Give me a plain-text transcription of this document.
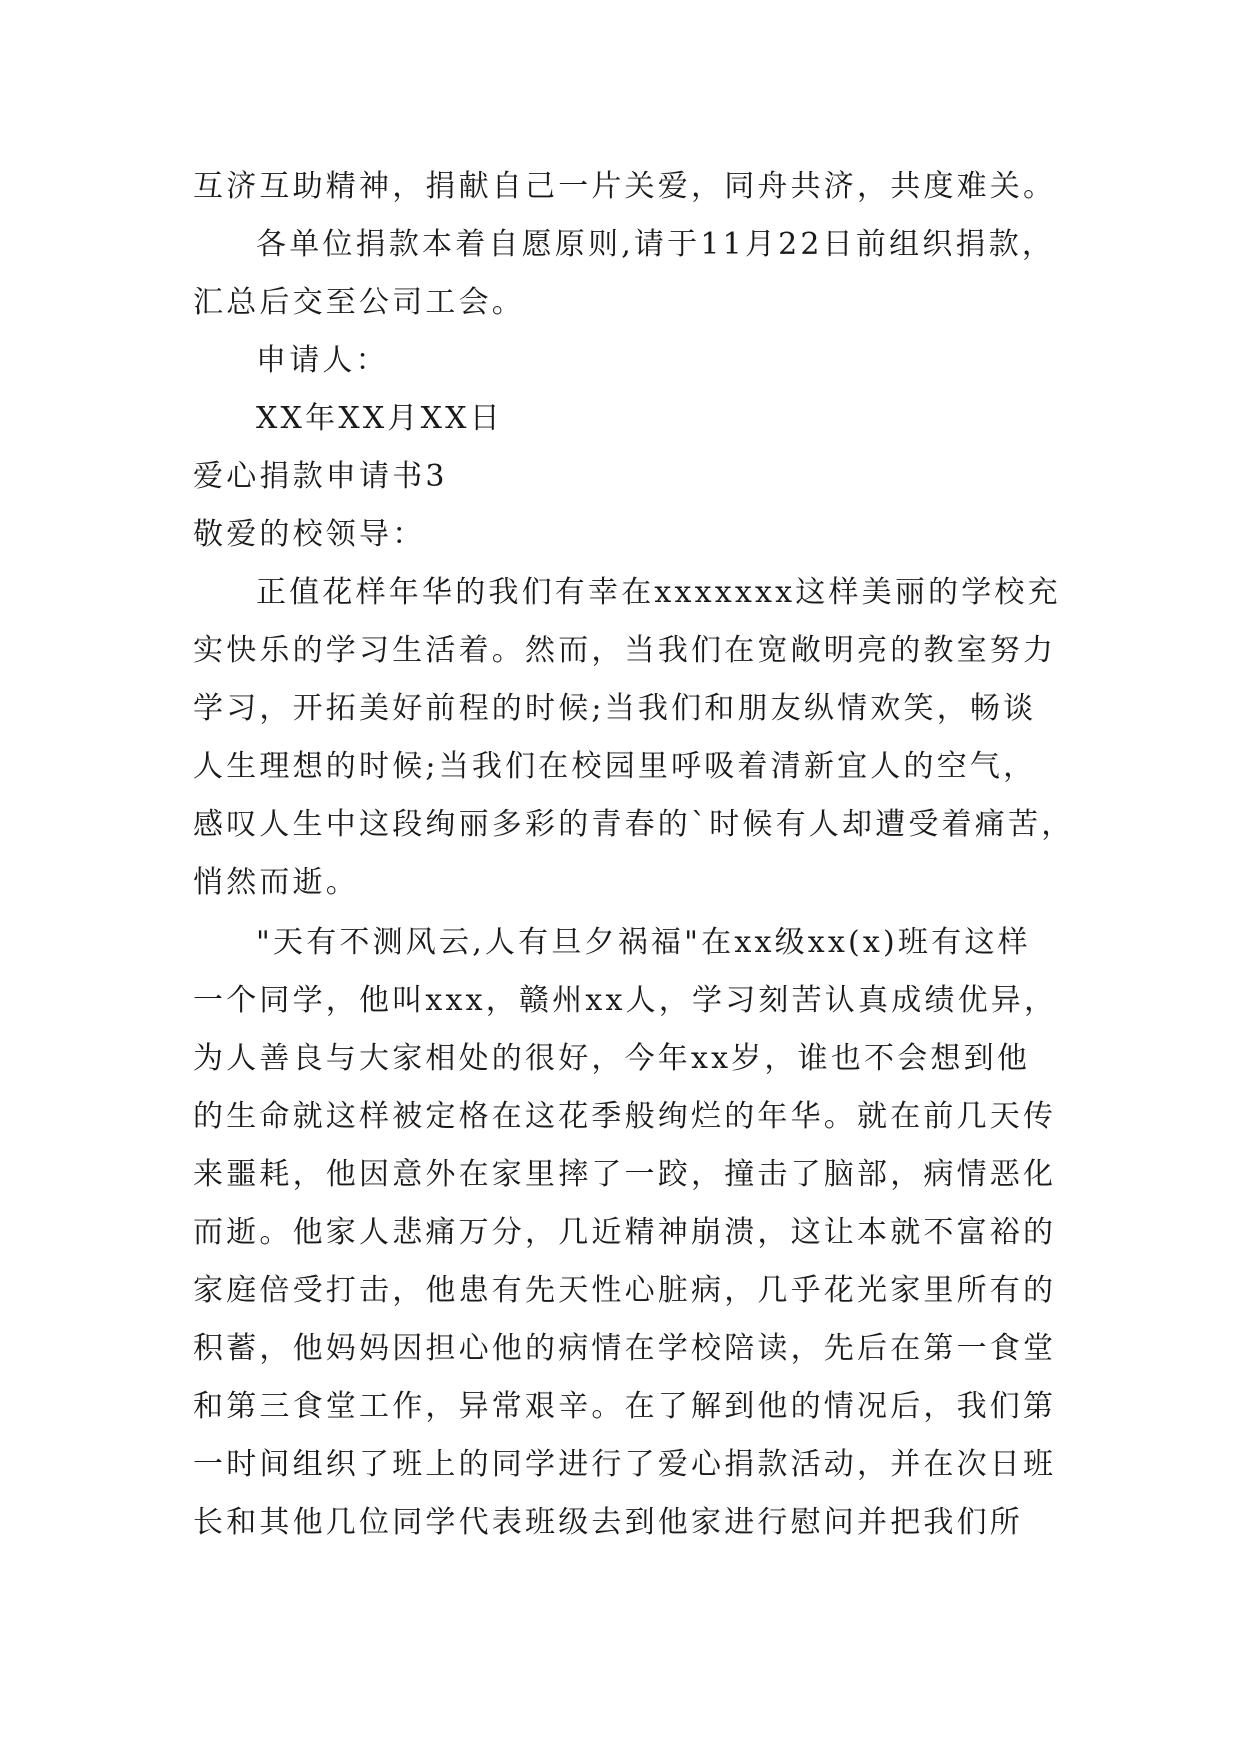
互济互助精神，捐献自己一片关爱，同舟共济，共度难关。
各单位捐款本着自愿原则,请于11月22日前组织捐款，
汇总后交至公司工会。
申请人：
XX年XX月XX日
爱心捐款申请书3
敬爱的校领导：
正值花样年华的我们有幸在xxxxxxx这样美丽的学校充
实快乐的学习生活着。然而，当我们在宽敞明亮的教室努力
学习，开拓美好前程的时候;当我们和朋友纵情欢笑，畅谈
人生理想的时候;当我们在校园里呼吸着清新宜人的空气，
感叹人生中这段绚丽多彩的青春的`时候有人却遭受着痛苦，
悄然而逝。
"天有不测风云,人有旦夕祸福"在xx级xx(x)班有这样
一个同学，他叫xxx，赣州xx人，学习刻苦认真成绩优异，
为人善良与大家相处的很好，今年xx岁，谁也不会想到他
的生命就这样被定格在这花季般绚烂的年华。就在前几天传
来噩耗，他因意外在家里摔了一跤，撞击了脑部，病情恶化
而逝。他家人悲痛万分，几近精神崩溃，这让本就不富裕的
家庭倍受打击，他患有先天性心脏病，几乎花光家里所有的
积蓄，他妈妈因担心他的病情在学校陪读，先后在第一食堂
和第三食堂工作，异常艰辛。在了解到他的情况后，我们第
一时间组织了班上的同学进行了爱心捐款活动，并在次日班
长和其他几位同学代表班级去到他家进行慰问并把我们所
